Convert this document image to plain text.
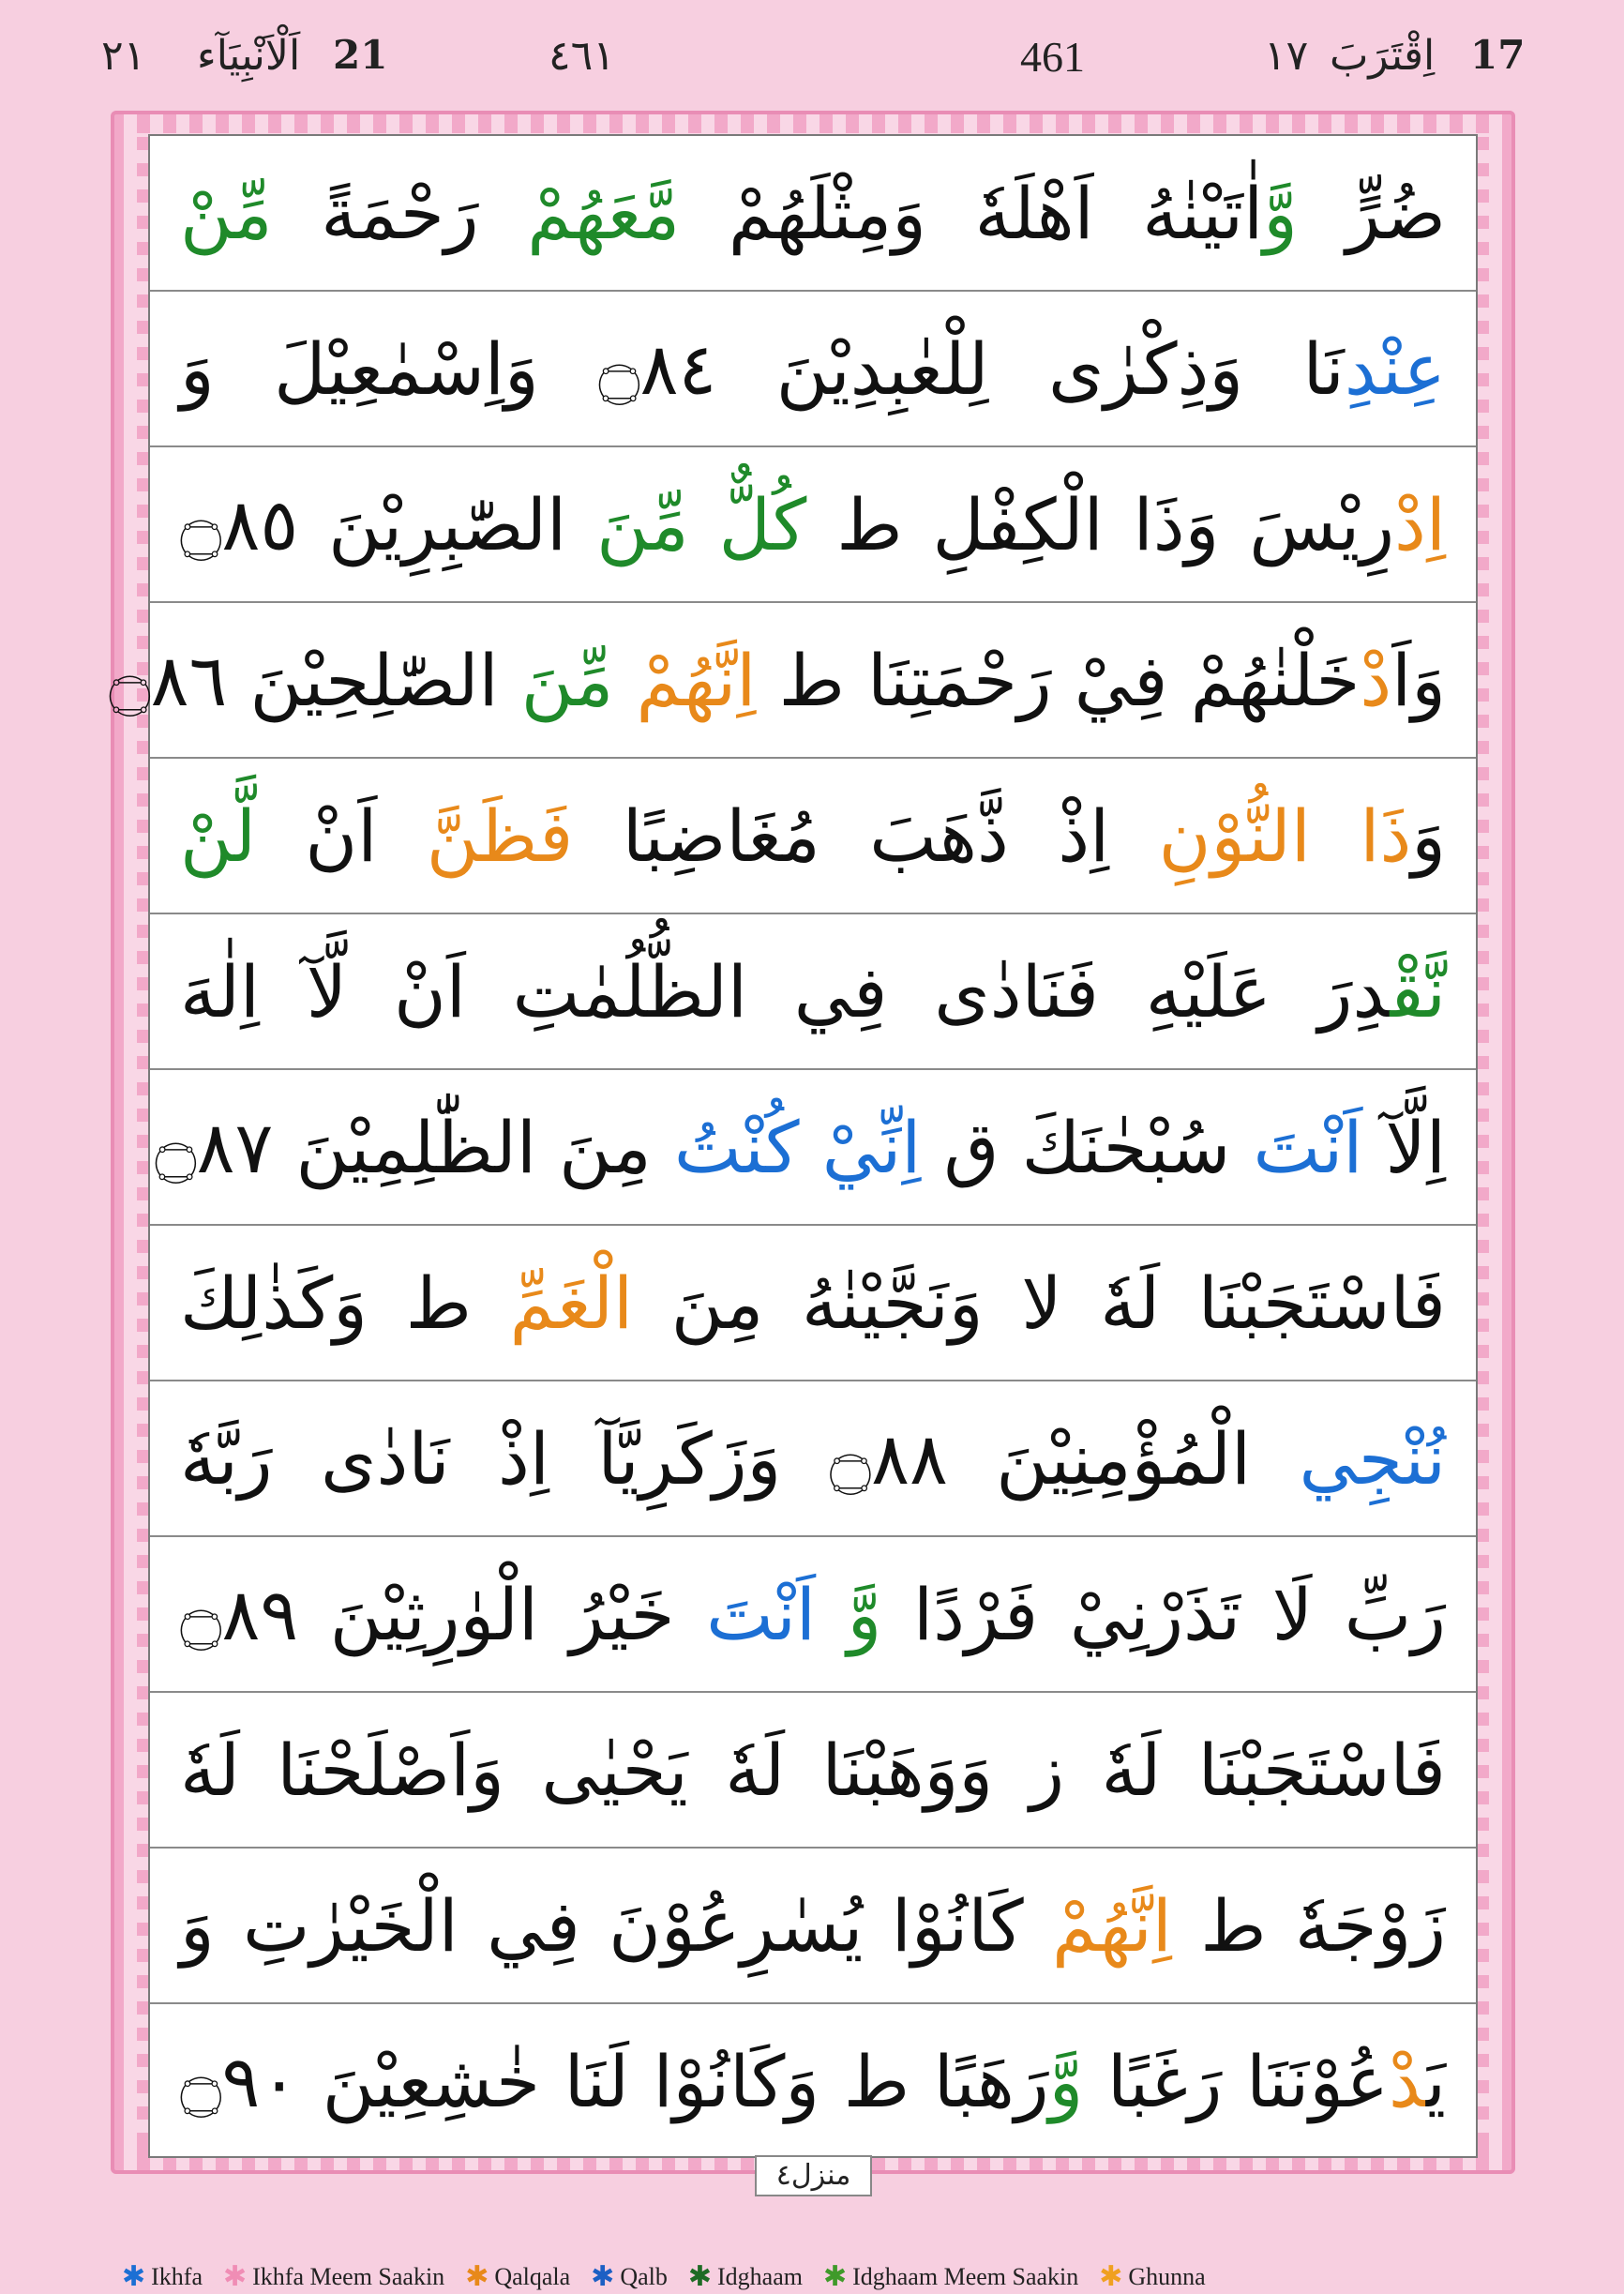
۲۱ اَلْاَنْبِيَآء 21	٤٦١	461	١٧ اِقْتَرَبَ 17
ضُرٍّ وَّاٰتَيْنٰهُ اَهْلَهٗ وَمِثْلَهُمْ مَّعَهُمْ رَحْمَةً مِّنْ
عِنْدِنَا وَذِكْرٰى لِلْعٰبِدِيْنَ ۝٨٤ وَاِسْمٰعِيْلَ وَ
اِدْرِيْسَ وَذَا الْكِفْلِ ط كُلٌّ مِّنَ الصّٰبِرِيْنَ ۝٨٥
وَاَدْخَلْنٰهُمْ فِيْ رَحْمَتِنَا ط اِنَّهُمْ مِّنَ الصّٰلِحِيْنَ ۝٨٦
وَذَا النُّوْنِ اِذْ ذَّهَبَ مُغَاضِبًا فَظَنَّ اَنْ لَّنْ
نَّقْدِرَ عَلَيْهِ فَنَادٰى فِي الظُّلُمٰتِ اَنْ لَّآ اِلٰهَ
اِلَّآ اَنْتَ سُبْحٰنَكَ ق اِنِّيْ كُنْتُ مِنَ الظّٰلِمِيْنَ ۝٨٧
فَاسْتَجَبْنَا لَهٗ لا وَنَجَّيْنٰهُ مِنَ الْغَمِّ ط وَكَذٰلِكَ
نُنْجِي الْمُؤْمِنِيْنَ ۝٨٨ وَزَكَرِيَّآ اِذْ نَادٰى رَبَّهٗ
رَبِّ لَا تَذَرْنِيْ فَرْدًا وَّ اَنْتَ خَيْرُ الْوٰرِثِيْنَ ۝٨٩
فَاسْتَجَبْنَا لَهٗ ز وَوَهَبْنَا لَهٗ يَحْيٰى وَاَصْلَحْنَا لَهٗ
زَوْجَهٗ ط اِنَّهُمْ كَانُوْا يُسٰرِعُوْنَ فِي الْخَيْرٰتِ وَ
يَدْعُوْنَنَا رَغَبًا وَّرَهَبًا ط وَكَانُوْا لَنَا خٰشِعِيْنَ ۝٩٠
منزل٤
✱ Ikhfa ✱ Ikhfa Meem Saakin ✱ Qalqala ✱ Qalb ✱ Idghaam ✱ Idghaam Meem Saakin ✱ Ghunna
